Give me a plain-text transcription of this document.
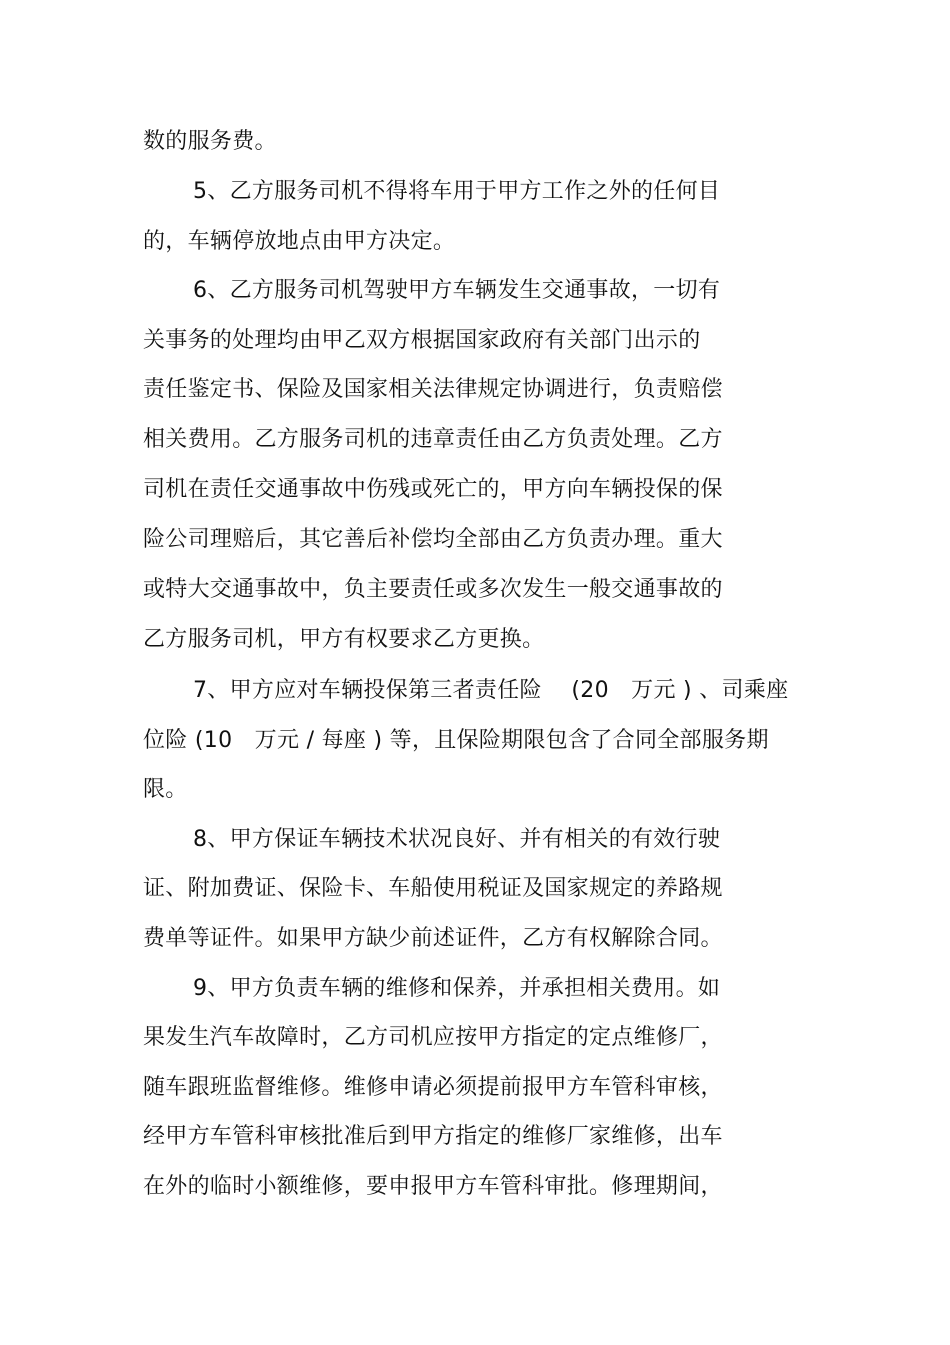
数的服务费。
5、乙方服务司机不得将车用于甲方工作之外的任何目
的，车辆停放地点由甲方决定。
6、乙方服务司机驾驶甲方车辆发生交通事故，一切有
关事务的处理均由甲乙双方根据国家政府有关部门出示的
责任鉴定书、保险及国家相关法律规定协调进行，负责赔偿
相关费用。乙方服务司机的违章责任由乙方负责处理。乙方
司机在责任交通事故中伤残或死亡的，甲方向车辆投保的保
险公司理赔后，其它善后补偿均全部由乙方负责办理。重大
或特大交通事故中，负主要责任或多次发生一般交通事故的
乙方服务司机，甲方有权要求乙方更换。
7、甲方应对车辆投保第三者责任险　 (20　万元 ) 、司乘座
位险 (10　万元 / 每座 ) 等，且保险期限包含了合同全部服务期
限。
8、甲方保证车辆技术状况良好、并有相关的有效行驶
证、附加费证、保险卡、车船使用税证及国家规定的养路规
费单等证件。如果甲方缺少前述证件，乙方有权解除合同。
9、甲方负责车辆的维修和保养，并承担相关费用。如
果发生汽车故障时，乙方司机应按甲方指定的定点维修厂，
随车跟班监督维修。维修申请必须提前报甲方车管科审核，
经甲方车管科审核批准后到甲方指定的维修厂家维修，出车
在外的临时小额维修，要申报甲方车管科审批。修理期间，
